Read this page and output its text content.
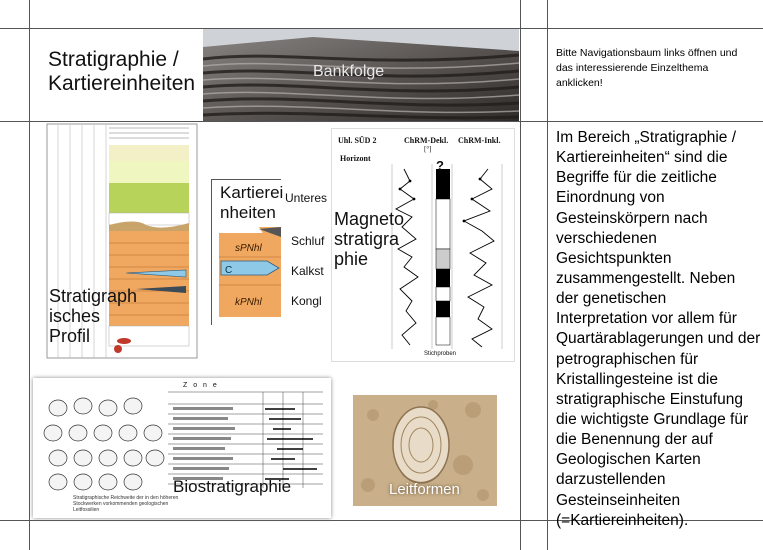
Stratigraphie / Kartiereinheiten
Bankfolge
Stratigraphisches Profil
Unteres
Kartiereinheiten
sPNhl
C
kPNhl
Schluf
Kalkst
Kongl
Uhl. SÜD 2	ChRM-Dekl. ChRM-Inkl.
Horizont
[°]
?
Stichproben
Magnetostratigraphie
Z o n e
Stratigraphische Reichweite der in den höheren Stockwerken vorkommenden geologischen Leitfossilien
Biostratigraphie	Leitformen
Bitte Navigationsbaum links öffnen und das interessierende Einzelthema anklicken!
Im Bereich „Stratigraphie / Kartiereinheiten“ sind die Begriffe für die zeitliche Einordnung von Gesteinskörpern nach verschiedenen Gesichtspunkten zusammengestellt. Neben der genetischen Interpretation vor allem für Quartärablagerungen und der petrographischen für Kristallingesteine ist die stratigraphische Einstufung die wichtigste Grundlage für die Benennung der auf Geologischen Karten darzustellenden Gesteinseinheiten (=Kartiereinheiten).
